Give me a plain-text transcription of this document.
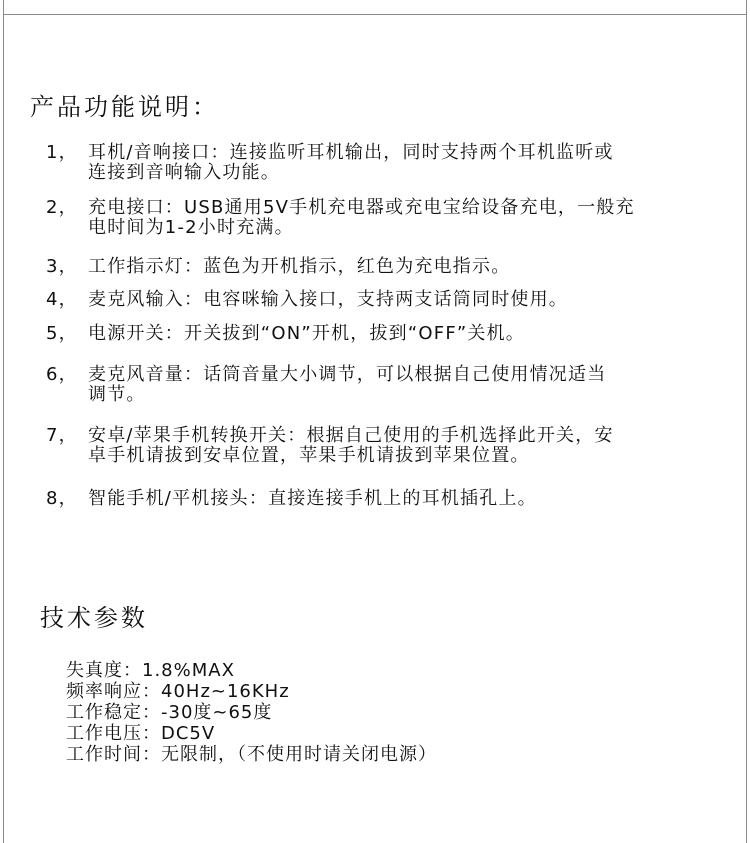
产品功能说明：
1， 耳机/音响接口：连接监听耳机输出，同时支持两个耳机监听或
连接到音响输入功能。
2， 充电接口：USB通用5V手机充电器或充电宝给设备充电，一般充
电时间为1-2小时充满。
3， 工作指示灯：蓝色为开机指示，红色为充电指示。
4， 麦克风输入：电容咪输入接口，支持两支话筒同时使用。
5， 电源开关：开关拔到“ON”开机，拔到“OFF”关机。
6， 麦克风音量：话筒音量大小调节，可以根据自己使用情况适当
调节。
7， 安卓/苹果手机转换开关：根据自己使用的手机选择此开关，安
卓手机请拔到安卓位置，苹果手机请拔到苹果位置。
8， 智能手机/平机接头：直接连接手机上的耳机插孔上。
技术参数
失真度：1.8%MAX
频率响应：40Hz~16KHz
工作稳定：-30度~65度
工作电压：DC5V
工作时间：无限制，（不使用时请关闭电源）
